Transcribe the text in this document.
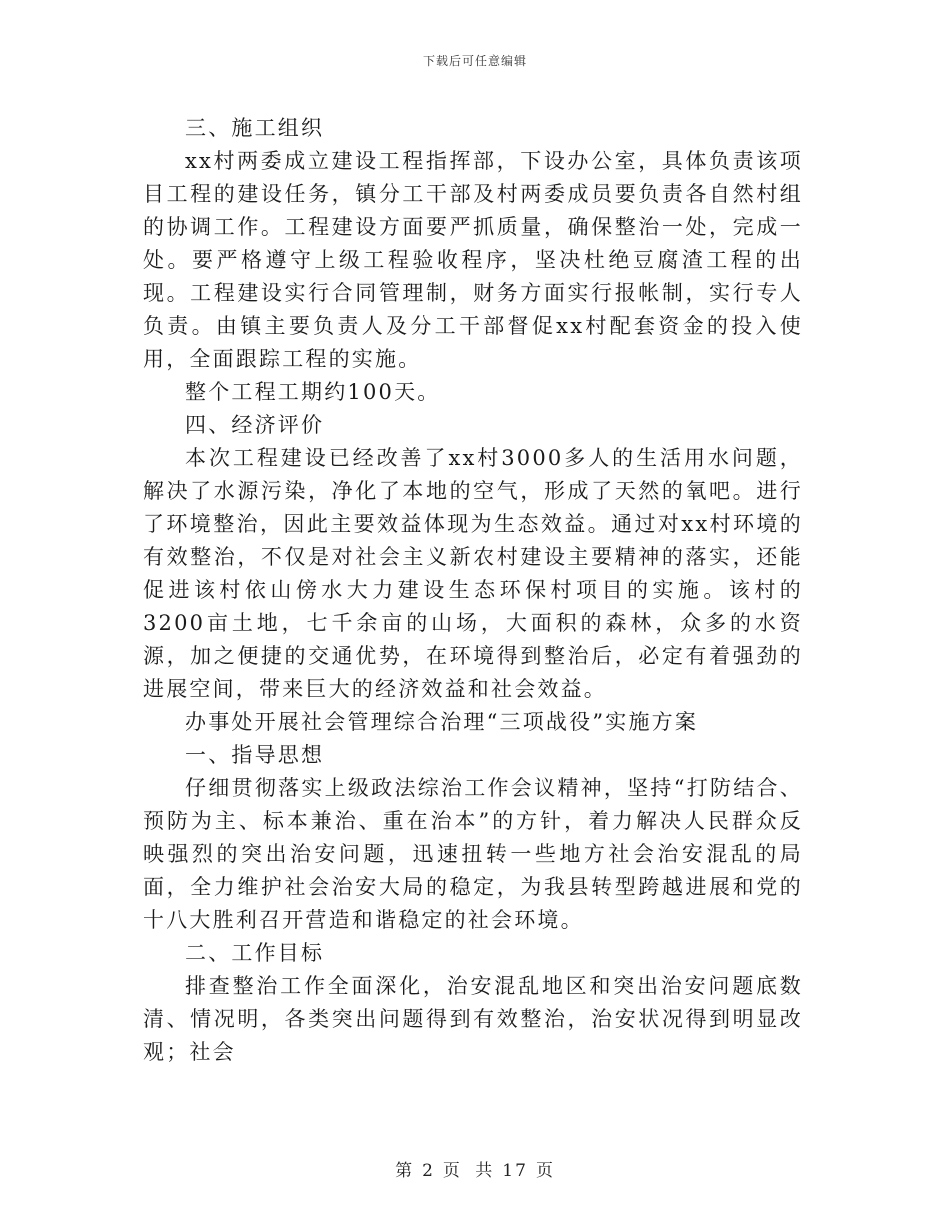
下载后可任意编辑

三、施工组织

xx村两委成立建设工程指挥部，下设办公室，具体负责该项目工程的建设任务，镇分工干部及村两委成员要负责各自然村组的协调工作。工程建设方面要严抓质量，确保整治一处，完成一处。要严格遵守上级工程验收程序，坚决杜绝豆腐渣工程的出现。工程建设实行合同管理制，财务方面实行报帐制，实行专人负责。由镇主要负责人及分工干部督促xx村配套资金的投入使用，全面跟踪工程的实施。

整个工程工期约100天。

四、经济评价

本次工程建设已经改善了xx村3000多人的生活用水问题，解决了水源污染，净化了本地的空气，形成了天然的氧吧。进行了环境整治，因此主要效益体现为生态效益。通过对xx村环境的有效整治，不仅是对社会主义新农村建设主要精神的落实，还能促进该村依山傍水大力建设生态环保村项目的实施。该村的3200亩土地，七千余亩的山场，大面积的森林，众多的水资源，加之便捷的交通优势，在环境得到整治后，必定有着强劲的进展空间，带来巨大的经济效益和社会效益。

办事处开展社会管理综合治理“三项战役”实施方案

一、指导思想

仔细贯彻落实上级政法综治工作会议精神，坚持“打防结合、预防为主、标本兼治、重在治本”的方针，着力解决人民群众反映强烈的突出治安问题，迅速扭转一些地方社会治安混乱的局面，全力维护社会治安大局的稳定，为我县转型跨越进展和党的十八大胜利召开营造和谐稳定的社会环境。

二、工作目标

排查整治工作全面深化，治安混乱地区和突出治安问题底数清、情况明，各类突出问题得到有效整治，治安状况得到明显改观；社会

第 2 页 共 17 页
